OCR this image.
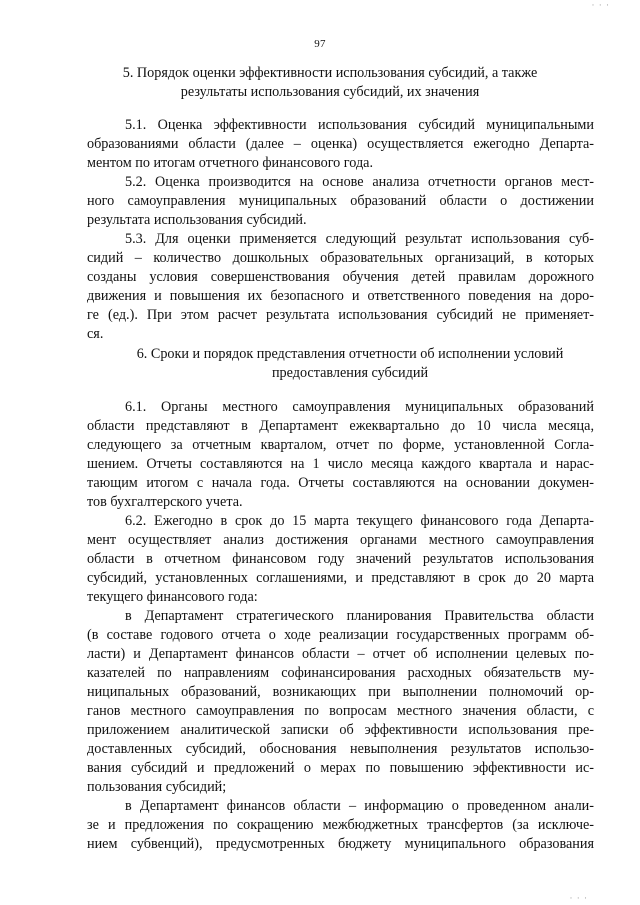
· · ·
97
5. Порядок оценки эффективности использования субсидий, а также
результаты использования субсидий, их значения
5.1. Оценка эффективности использования субсидий муниципальными
образованиями области (далее – оценка) осуществляется ежегодно Департа-
ментом по итогам отчетного финансового года.
5.2. Оценка производится на основе анализа отчетности органов мест-
ного самоуправления муниципальных образований области о достижении
результата использования субсидий.
5.3. Для оценки применяется следующий результат использования суб-
сидий – количество дошкольных образовательных организаций, в которых
созданы условия совершенствования обучения детей правилам дорожного
движения и повышения их безопасного и ответственного поведения на доро-
ге (ед.). При этом расчет результата использования субсидий не применяет-
ся.
6. Сроки и порядок представления отчетности об исполнении условий
предоставления субсидий
6.1. Органы местного самоуправления муниципальных образований
области представляют в Департамент ежеквартально до 10 числа месяца,
следующего за отчетным кварталом, отчет по форме, установленной Согла-
шением. Отчеты составляются на 1 число месяца каждого квартала и нарас-
тающим итогом с начала года. Отчеты составляются на основании докумен-
тов бухгалтерского учета.
6.2. Ежегодно в срок до 15 марта текущего финансового года Департа-
мент осуществляет анализ достижения органами местного самоуправления
области в отчетном финансовом году значений результатов использования
субсидий, установленных соглашениями, и представляют в срок до 20 марта
текущего финансового года:
в Департамент стратегического планирования Правительства области
(в составе годового отчета о ходе реализации государственных программ об-
ласти) и Департамент финансов области – отчет об исполнении целевых по-
казателей по направлениям софинансирования расходных обязательств му-
ниципальных образований, возникающих при выполнении полномочий ор-
ганов местного самоуправления по вопросам местного значения области, с
приложением аналитической записки об эффективности использования пре-
доставленных субсидий, обоснования невыполнения результатов использо-
вания субсидий и предложений о мерах по повышению эффективности ис-
пользования субсидий;
в Департамент финансов области – информацию о проведенном анали-
зе и предложения по сокращению межбюджетных трансфертов (за исключе-
нием субвенций), предусмотренных бюджету муниципального образования
· · ·
